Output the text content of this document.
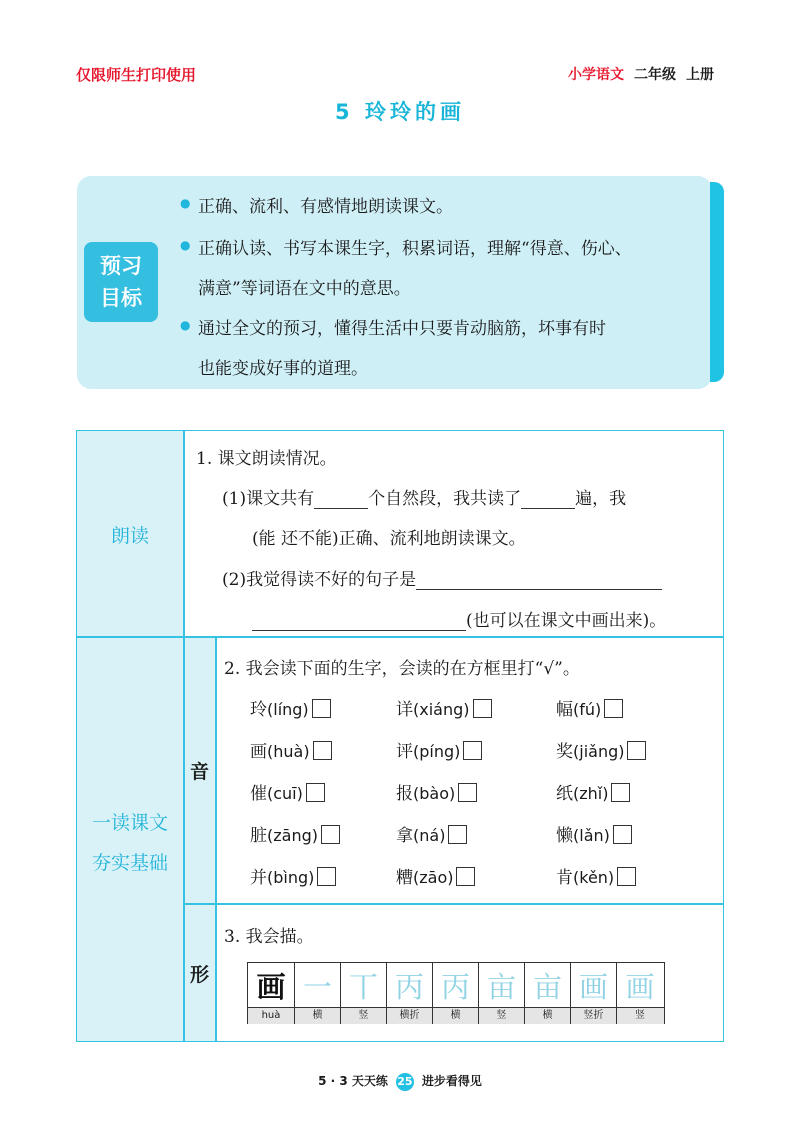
仅限师生打印使用	小学语文 二年级 上册
5 玲玲的画
预习
目标
● 正确、流利、有感情地朗读课文。
● 正确认读、书写本课生字，积累词语，理解“得意、伤心、
满意”等词语在文中的意思。
● 通过全文的预习，懂得生活中只要肯动脑筋，坏事有时
也能变成好事的道理。
朗读
1. 课文朗读情况。
(1)课文共有	个自然段，我共读了	遍，我
(能 还不能)正确、流利地朗读课文。
(2)我觉得读不好的句子是
(也可以在课文中画出来)。
一读课文
夯实基础
音
形
2. 我会读下面的生字，会读的在方框里打“√”。
玲(líng)	详(xiáng)	幅(fú)
画(huà)	评(píng)	奖(jiǎng)
催(cuī)	报(bào)	纸(zhǐ)
脏(zāng)	拿(ná)	懒(lǎn)
并(bìng)	糟(zāo)	肯(kěn)
3. 我会描。
画 一 丅 丙 丙 亩 亩 画 画
huà	横	竖	横折	横	竖	横	竖折	竖
5 · 3 天天练 25 进步看得见
